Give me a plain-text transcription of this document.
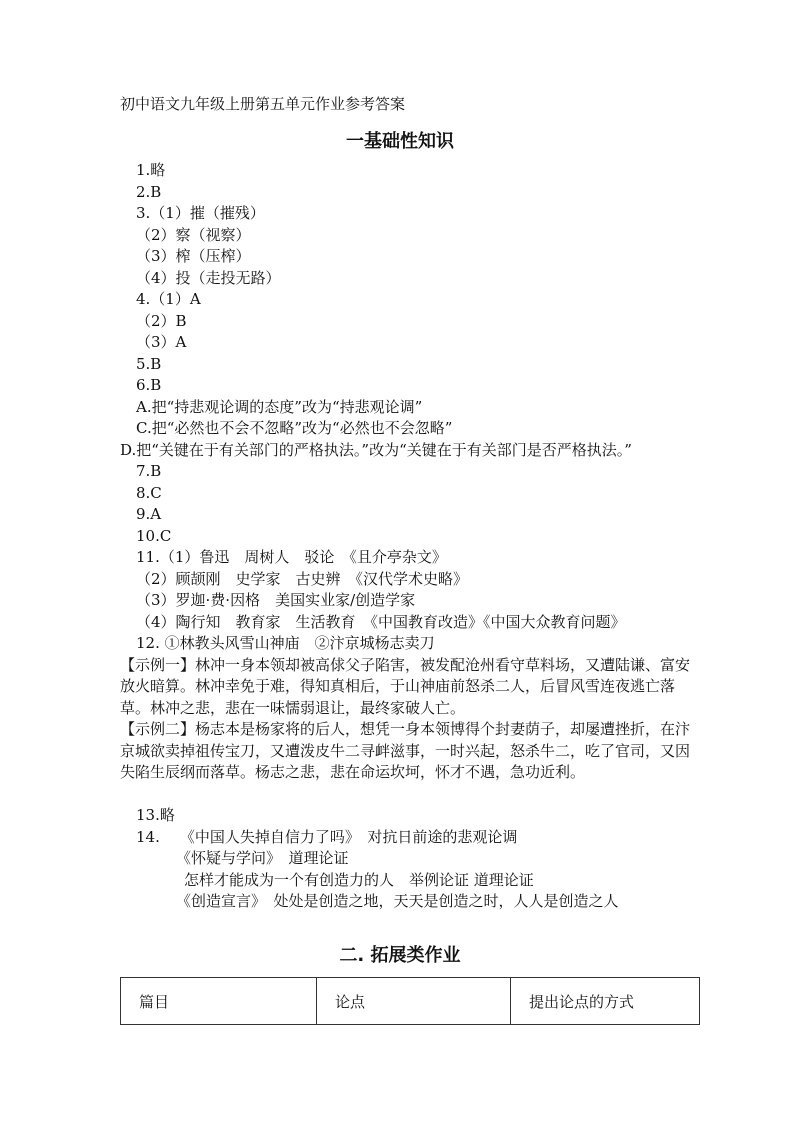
初中语文九年级上册第五单元作业参考答案
一基础性知识
1.略
2.B
3.（1）摧（摧残）
（2）察（视察）
（3）榨（压榨）
（4）投（走投无路）
4.（1）A
（2）B
（3）A
5.B
6.B
A.把“持悲观论调的态度”改为“持悲观论调”
C.把“必然也不会不忽略”改为“必然也不会忽略”
D.把“关键在于有关部门的严格执法。”改为“关键在于有关部门是否严格执法。”
7.B
8.C
9.A
10.C
11.（1）鲁迅　周树人　驳论　《且介亭杂文》
（2）顾颉刚　史学家　古史辨　《汉代学术史略》
（3）罗迦·费·因格　美国实业家/创造学家
（4）陶行知　教育家　生活教育　《中国教育改造》《中国大众教育问题》
12. ①林教头风雪山神庙　②汴京城杨志卖刀
【示例一】林冲一身本领却被高俅父子陷害，被发配沧州看守草料场，又遭陆谦、富安放火暗算。林冲幸免于难，得知真相后，于山神庙前怒杀二人，后冒风雪连夜逃亡落草。林冲之悲，悲在一味懦弱退让，最终家破人亡。
【示例二】杨志本是杨家将的后人，想凭一身本领博得个封妻荫子，却屡遭挫折，在汴京城欲卖掉祖传宝刀，又遭泼皮牛二寻衅滋事，一时兴起，怒杀牛二，吃了官司，又因失陷生辰纲而落草。杨志之悲，悲在命运坎坷，怀才不遇，急功近利。
13.略
14. 《中国人失掉自信力了吗》　对抗日前途的悲观论调
《怀疑与学问》　道理论证
怎样才能成为一个有创造力的人　举例论证 道理论证
《创造宣言》　处处是创造之地，天天是创造之时，人人是创造之人
二. 拓展类作业
篇目	论点	提出论点的方式
